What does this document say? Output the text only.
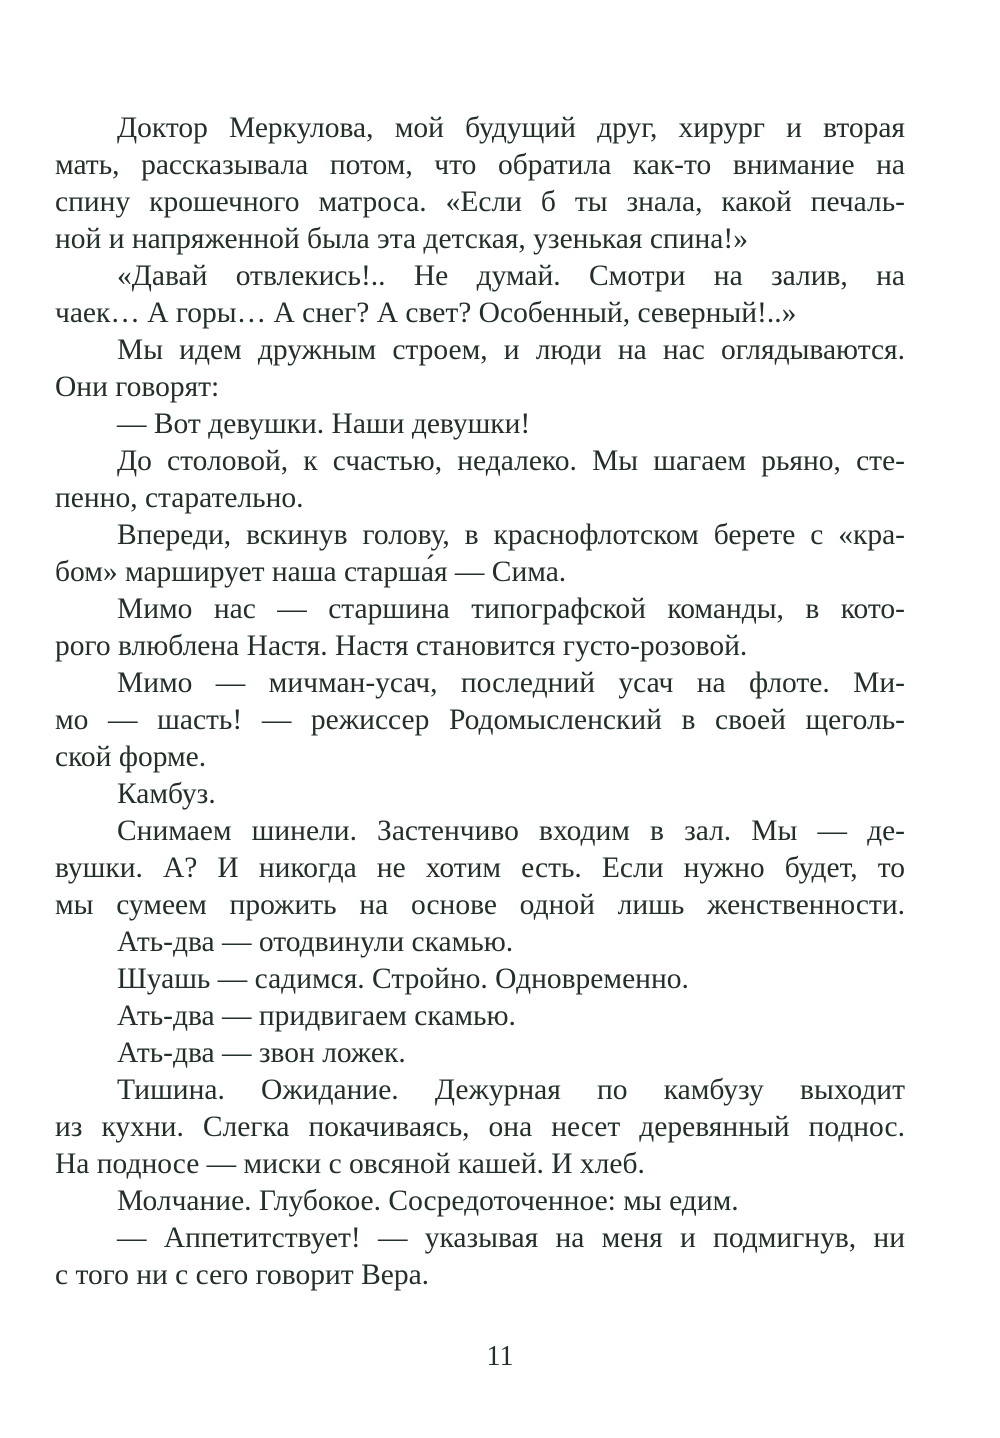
Доктор Меркулова, мой будущий друг, хирург и вторая
мать, рассказывала потом, что обратила как-то внимание на
спину крошечного матроса. «Если б ты знала, какой печаль-
ной и напряженной была эта детская, узенькая спина!»
«Давай отвлекись!.. Не думай. Смотри на залив, на
чаек… А горы… А снег? А свет? Особенный, северный!..»
Мы идем дружным строем, и люди на нас оглядываются.
Они говорят:
— Вот девушки. Наши девушки!
До столовой, к счастью, недалеко. Мы шагаем рьяно, сте-
пенно, старательно.
Впереди, вскинув голову, в краснофлотском берете с «кра-
бом» марширует наша старша́я — Сима.
Мимо нас — старшина типографской команды, в кото-
рого влюблена Настя. Настя становится густо-розовой.
Мимо — мичман-усач, последний усач на флоте. Ми-
мо — шасть! — режиссер Родомысленский в своей щеголь-
ской форме.
Камбуз.
Снимаем шинели. Застенчиво входим в зал. Мы — де-
вушки. А? И никогда не хотим есть. Если нужно будет, то
мы сумеем прожить на основе одной лишь женственности.
Ать-два — отодвинули скамью.
Шуашь — садимся. Стройно. Одновременно.
Ать-два — придвигаем скамью.
Ать-два — звон ложек.
Тишина. Ожидание. Дежурная по камбузу выходит
из кухни. Слегка покачиваясь, она несет деревянный поднос.
На подносе — миски с овсяной кашей. И хлеб.
Молчание. Глубокое. Сосредоточенное: мы едим.
— Аппетитствует! — указывая на меня и подмигнув, ни
с того ни с сего говорит Вера.
11
